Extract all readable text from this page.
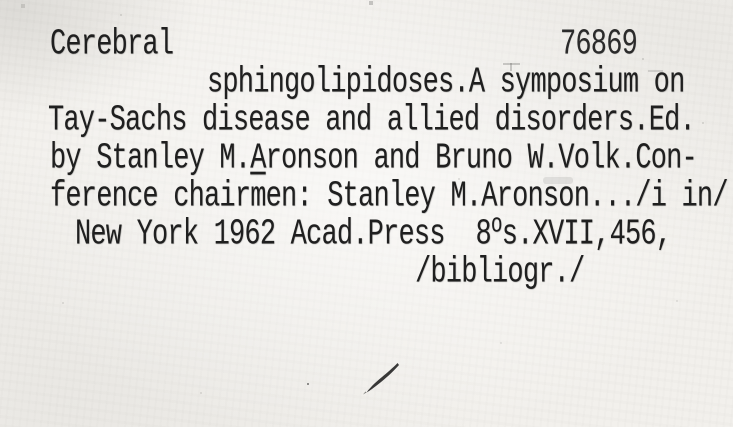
Cerebral	76869
sphingolipidoses.A symposium on
Tay-Sachs disease and allied disorders.Ed.
by Stanley M.Aronson and Bruno W.Volk.Con-
ference chairmen: Stanley M.Aronson.../i in/
New York 1962 Acad.Press  8$^o$s.XVII,456,
/bibliogr./
